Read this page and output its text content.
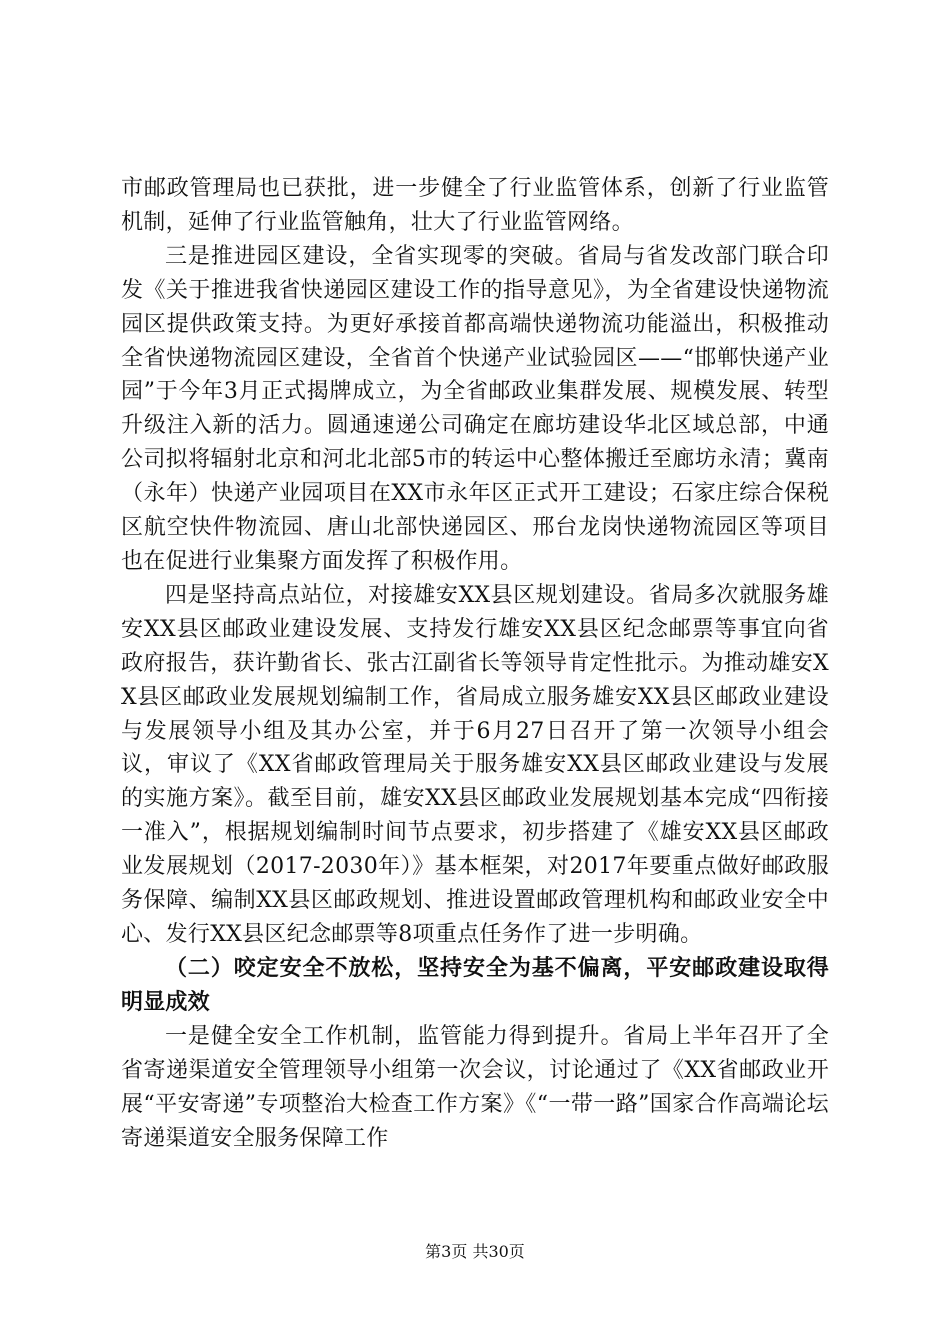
市邮政管理局也已获批，进一步健全了行业监管体系，创新了行业监管机制，延伸了行业监管触角，壮大了行业监管网络。

三是推进园区建设，全省实现零的突破。省局与省发改部门联合印发《关于推进我省快递园区建设工作的指导意见》，为全省建设快递物流园区提供政策支持。为更好承接首都高端快递物流功能溢出，积极推动全省快递物流园区建设，全省首个快递产业试验园区——“邯郸快递产业园”于今年3月正式揭牌成立，为全省邮政业集群发展、规模发展、转型升级注入新的活力。圆通速递公司确定在廊坊建设华北区域总部，中通公司拟将辐射北京和河北北部5市的转运中心整体搬迁至廊坊永清；冀南（永年）快递产业园项目在XX市永年区正式开工建设；石家庄综合保税区航空快件物流园、唐山北部快递园区、邢台龙岗快递物流园区等项目也在促进行业集聚方面发挥了积极作用。

四是坚持高点站位，对接雄安XX县区规划建设。省局多次就服务雄安XX县区邮政业建设发展、支持发行雄安XX县区纪念邮票等事宜向省政府报告，获许勤省长、张古江副省长等领导肯定性批示。为推动雄安XX县区邮政业发展规划编制工作，省局成立服务雄安XX县区邮政业建设与发展领导小组及其办公室，并于6月27日召开了第一次领导小组会议，审议了《XX省邮政管理局关于服务雄安XX县区邮政业建设与发展的实施方案》。截至目前，雄安XX县区邮政业发展规划基本完成“四衔接一准入”，根据规划编制时间节点要求，初步搭建了《雄安XX县区邮政业发展规划（2017-2030年）》基本框架，对2017年要重点做好邮政服务保障、编制XX县区邮政规划、推进设置邮政管理机构和邮政业安全中心、发行XX县区纪念邮票等8项重点任务作了进一步明确。

（二）咬定安全不放松，坚持安全为基不偏离，平安邮政建设取得明显成效

一是健全安全工作机制，监管能力得到提升。省局上半年召开了全省寄递渠道安全管理领导小组第一次会议，讨论通过了《XX省邮政业开展“平安寄递”专项整治大检查工作方案》《“一带一路”国家合作高端论坛寄递渠道安全服务保障工作

第3页 共30页
